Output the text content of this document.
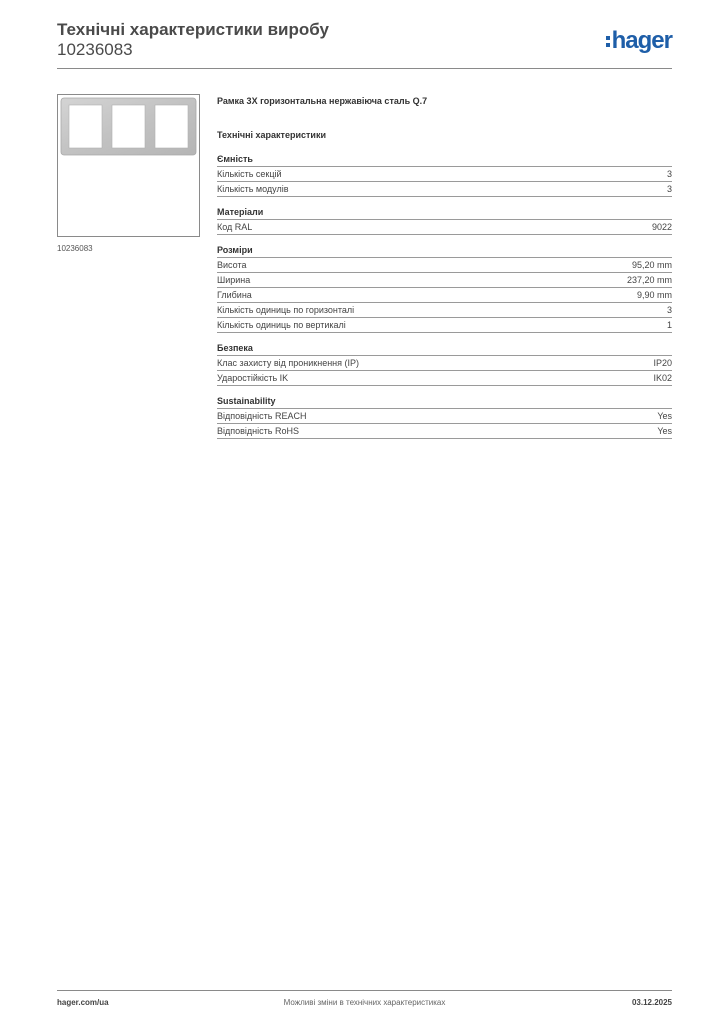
Технічні характеристики виробу
10236083	hager
10236083
Рамка 3X горизонтальна нержавіюча сталь Q.7
Технічні характеристики
Ємність
Кількість секцій	3
Кількість модулів	3
Матеріали
Код RAL	9022
Розміри
Висота	95,20 mm
Ширина	237,20 mm
Глибина	9,90 mm
Кількість одиниць по горизонталі	3
Кількість одиниць по вертикалі	1
Безпека
Клас захисту від проникнення (IP)	IP20
Ударостійкість IK	IK02
Sustainability
Відповідність REACH	Yes
Відповідність RoHS	Yes
hager.com/ua	Можливі зміни в технічних характеристиках	03.12.2025
